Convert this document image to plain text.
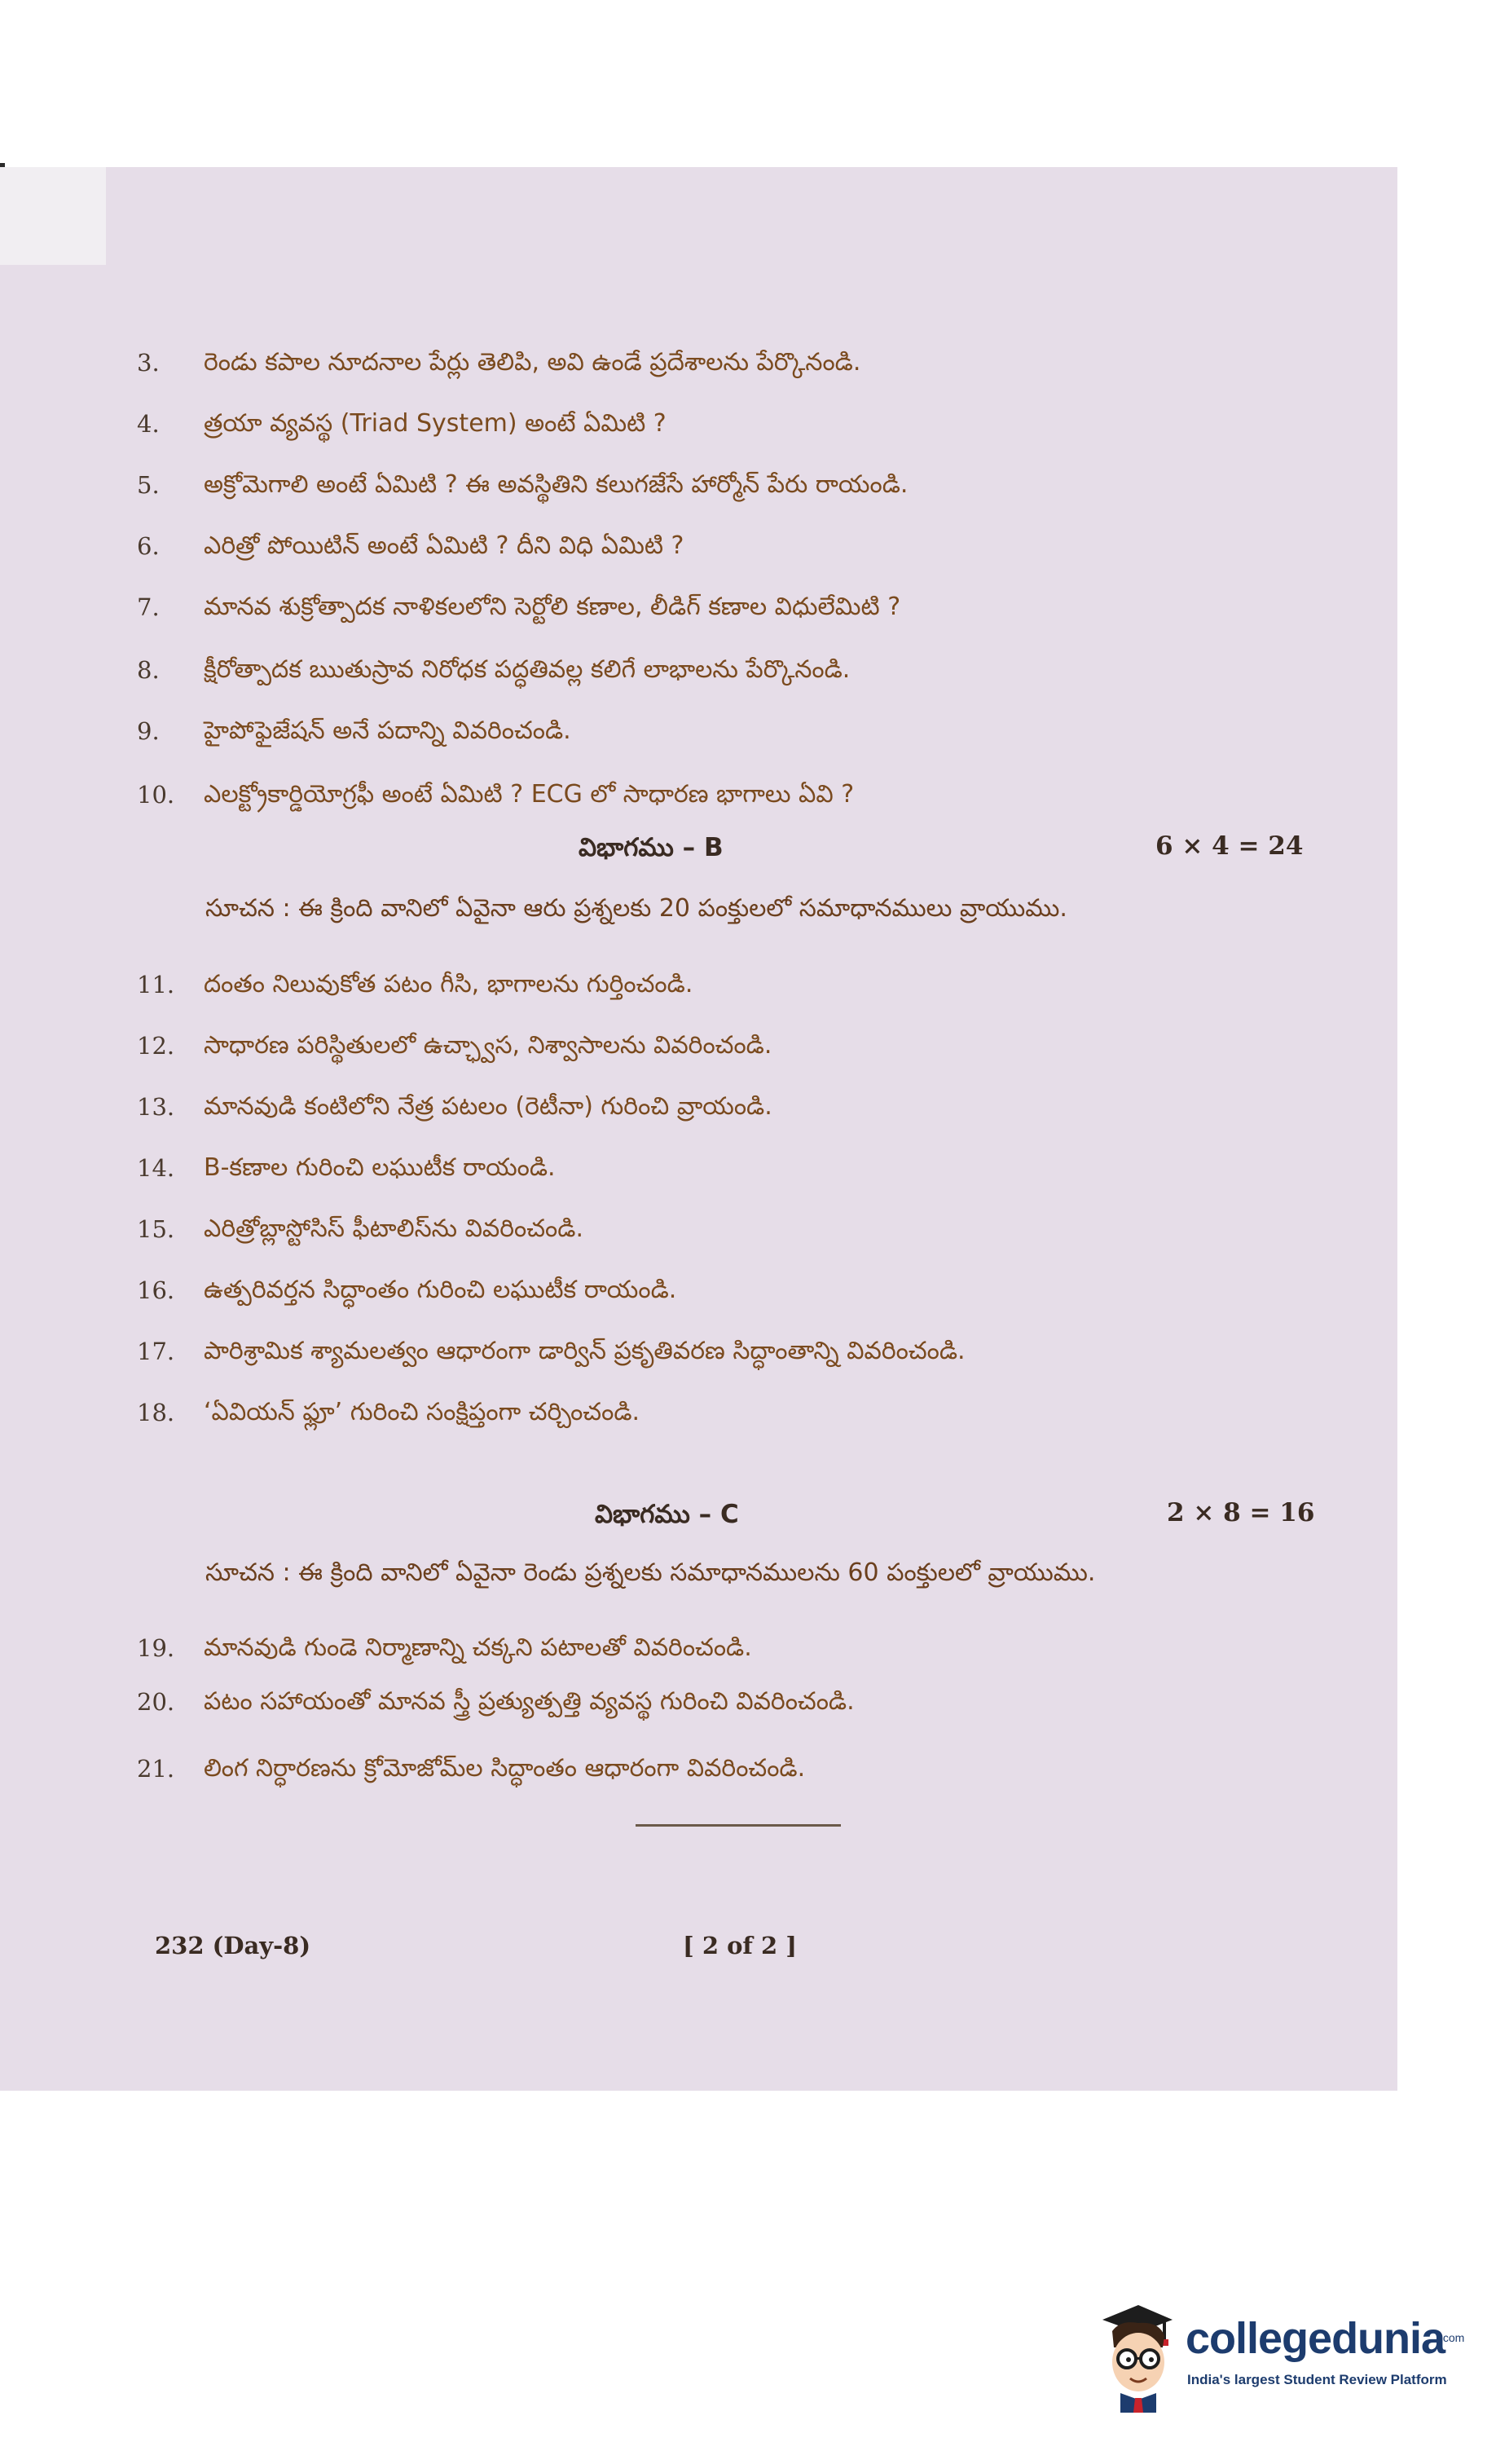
3.	రెండు కపాల నూదనాల పేర్లు తెలిపి, అవి ఉండే ప్రదేశాలను పేర్కొనండి.
4.	త్రయా వ్యవస్థ (Triad System) అంటే ఏమిటి ?
5.	అక్రోమెగాలి అంటే ఏమిటి ? ఈ అవస్థితిని కలుగజేసే హార్మోన్ పేరు రాయండి.
6.	ఎరిత్రో పోయిటిన్ అంటే ఏమిటి ? దీని విధి ఏమిటి ?
7.	మానవ శుక్రోత్పాదక నాళికలలోని సెర్టోలి కణాల, లీడిగ్ కణాల విధులేమిటి ?
8.	క్షీరోత్పాదక ఋతుస్రావ నిరోధక పద్ధతివల్ల కలిగే లాభాలను పేర్కొనండి.
9.	హైపోఫైజేషన్ అనే పదాన్ని వివరించండి.
10.	ఎలక్ట్రోకార్డియోగ్రఫీ అంటే ఏమిటి ? ECG లో సాధారణ భాగాలు ఏవి ?
విభాగము – B	6 × 4 = 24
సూచన : ఈ క్రింది వానిలో ఏవైనా ఆరు ప్రశ్నలకు 20 పంక్తులలో సమాధానములు వ్రాయుము.
11.	దంతం నిలువుకోత పటం గీసి, భాగాలను గుర్తించండి.
12.	సాధారణ పరిస్థితులలో ఉచ్ఛ్వాస, నిశ్వాసాలను వివరించండి.
13.	మానవుడి కంటిలోని నేత్ర పటలం (రెటీనా) గురించి వ్రాయండి.
14.	B-కణాల గురించి లఘుటీక రాయండి.
15.	ఎరిత్రోబ్లాస్టోసిస్ ఫీటాలిస్‌ను వివరించండి.
16.	ఉత్పరివర్తన సిద్ధాంతం గురించి లఘుటీక రాయండి.
17.	పారిశ్రామిక శ్యామలత్వం ఆధారంగా డార్విన్ ప్రకృతివరణ సిద్ధాంతాన్ని వివరించండి.
18.	‘ఏవియన్ ఫ్లూ’ గురించి సంక్షిప్తంగా చర్చించండి.
విభాగము – C	2 × 8 = 16
సూచన : ఈ క్రింది వానిలో ఏవైనా రెండు ప్రశ్నలకు సమాధానములను 60 పంక్తులలో వ్రాయుము.
19.	మానవుడి గుండె నిర్మాణాన్ని చక్కని పటాలతో వివరించండి.
20.	పటం సహాయంతో మానవ స్త్రీ ప్రత్యుత్పత్తి వ్యవస్థ గురించి వివరించండి.
21.	లింగ నిర్ధారణను క్రోమోజోమ్‌ల సిద్ధాంతం ఆధారంగా వివరించండి.
232 (Day-8)	[ 2 of 2 ]
collegedunia
.com
India's largest Student Review Platform
